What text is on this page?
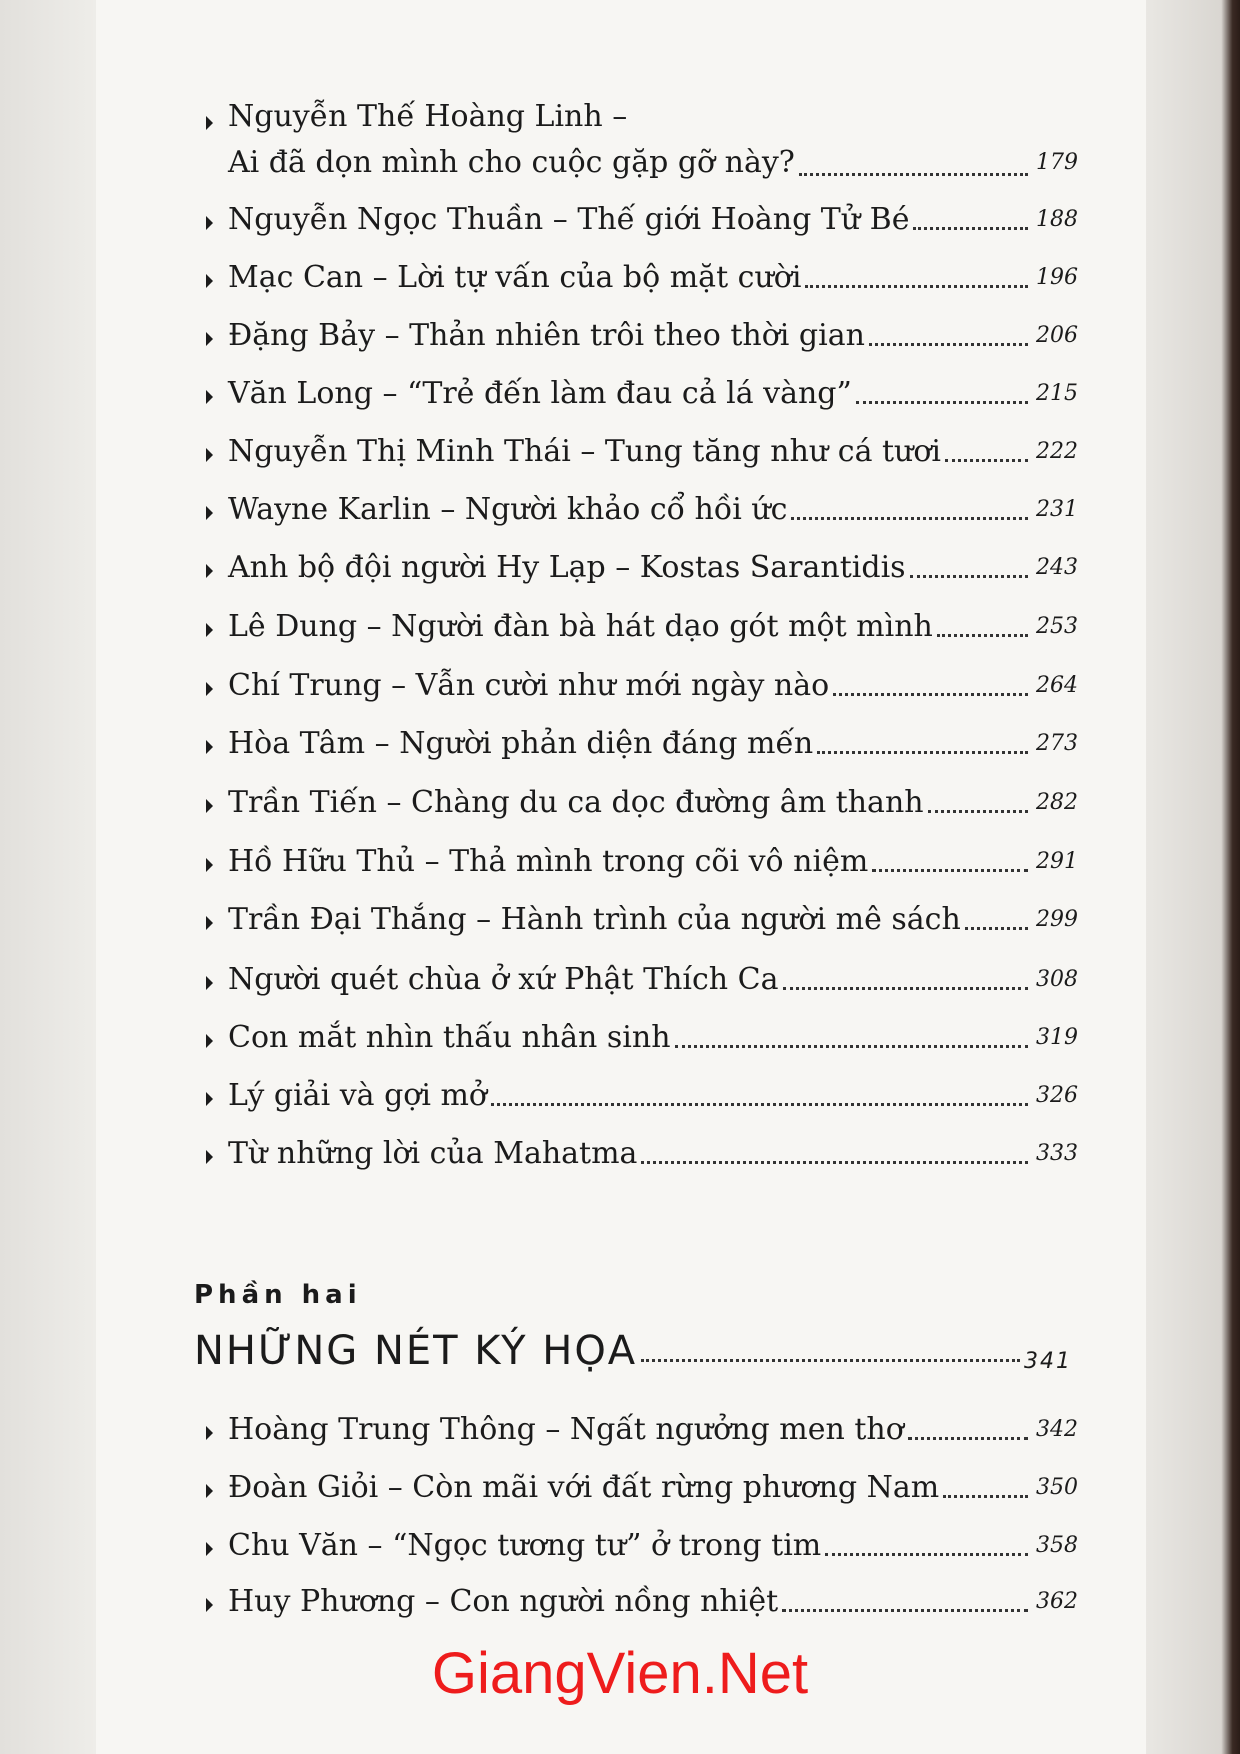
Nguyễn Thế Hoàng Linh –
Ai đã dọn mình cho cuộc gặp gỡ này?	179
Nguyễn Ngọc Thuần – Thế giới Hoàng Tử Bé	188
Mạc Can – Lời tự vấn của bộ mặt cười	196
Đặng Bảy – Thản nhiên trôi theo thời gian	206
Văn Long – “Trẻ đến làm đau cả lá vàng”	215
Nguyễn Thị Minh Thái – Tung tăng như cá tươi	222
Wayne Karlin – Người khảo cổ hồi ức	231
Anh bộ đội người Hy Lạp – Kostas Sarantidis	243
Lê Dung – Người đàn bà hát dạo gót một mình	253
Chí Trung – Vẫn cười như mới ngày nào	264
Hòa Tâm – Người phản diện đáng mến	273
Trần Tiến – Chàng du ca dọc đường âm thanh	282
Hồ Hữu Thủ – Thả mình trong cõi vô niệm	291
Trần Đại Thắng – Hành trình của người mê sách	299
Người quét chùa ở xứ Phật Thích Ca	308
Con mắt nhìn thấu nhân sinh	319
Lý giải và gợi mở	326
Từ những lời của Mahatma	333
Phần hai
NHỮNG NÉT KÝ HỌA	341
Hoàng Trung Thông – Ngất ngưởng men thơ	342
Đoàn Giỏi – Còn mãi với đất rừng phương Nam	350
Chu Văn – “Ngọc tương tư” ở trong tim	358
Huy Phương – Con người nồng nhiệt	362
GiangVien.Net
